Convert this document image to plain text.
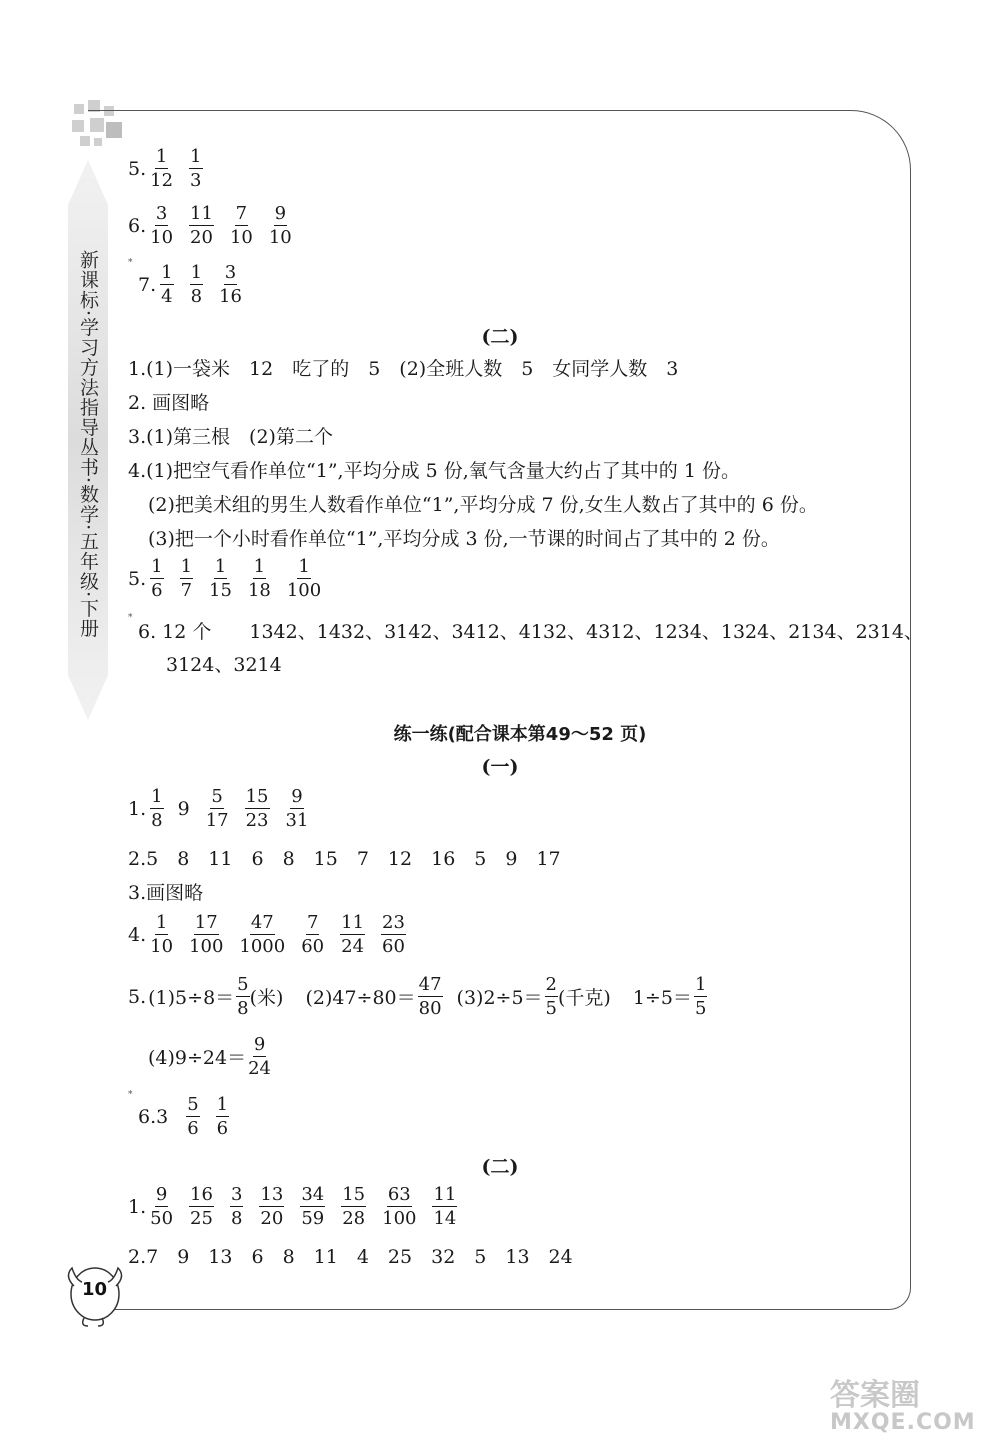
新课标·学习方法指导丛书·数学·五年级·下册
10
5. $\frac{1}{12} \frac{1}{3}$
6. $\frac{3}{10} \frac{11}{20} \frac{7}{10} \frac{9}{10}$
*
7. $\frac{1}{4} \frac{1}{8} \frac{3}{16}$
(二)
1.(1)一袋米　12　吃了的　5　(2)全班人数　5　女同学人数　3
2. 画图略
3.(1)第三根　(2)第二个
4.(1)把空气看作单位“1”,平均分成 5 份,氧气含量大约占了其中的 1 份。
(2)把美术组的男生人数看作单位“1”,平均分成 7 份,女生人数占了其中的 6 份。
(3)把一个小时看作单位“1”,平均分成 3 份,一节课的时间占了其中的 2 份。
5. $\frac{1}{6} \frac{1}{7} \frac{1}{15} \frac{1}{18} \frac{1}{100}$
*
6. 12 个　　1342、1432、3142、3412、4132、4312、1234、1324、2134、2314、
3124、3214
练一练(配合课本第49～52 页)
(一)
1. $\frac{1}{8} 9 \frac{5}{17} \frac{15}{23} \frac{9}{31}$
2.5　8　11　6　8　15　7　12　16　5　9　17
3.画图略
4. $\frac{1}{10} \frac{17}{100} \frac{47}{1000} \frac{7}{60} \frac{11}{24} \frac{23}{60}$
5. $(1)5\div 8= \frac{5}{8}$ (米) $(2)47\div 80= \frac{47}{80} (3)2\div 5= \frac{2}{5}$ (千克) $1\div 5= \frac{1}{5}$
$(4)9\div 24= \frac{9}{24}$
*
$6.3 \frac{5}{6} \frac{1}{6}$
(二)
1. $\frac{9}{50} \frac{16}{25} \frac{3}{8} \frac{13}{20} \frac{34}{59} \frac{15}{28} \frac{63}{100} \frac{11}{14}$
2.7　9　13　6　8　11　4　25　32　5　13　24
答案圈
MXQE.COM
